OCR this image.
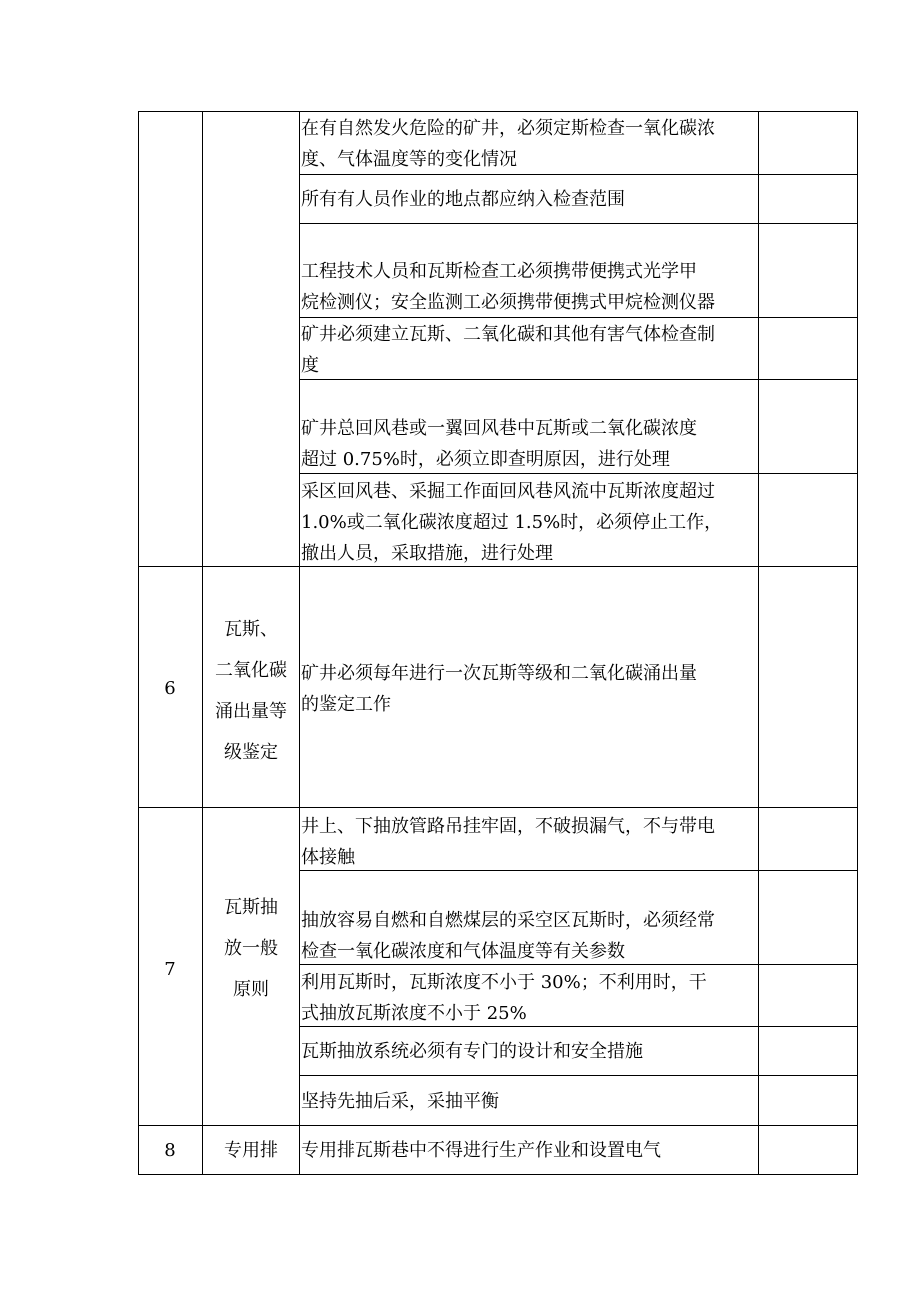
在有自然发火危险的矿井，必须定斯检查一氧化碳浓
度、气体温度等的变化情况
所有有人员作业的地点都应纳入检查范围
工程技术人员和瓦斯检查工必须携带便携式光学甲
烷检测仪；安全监测工必须携带便携式甲烷检测仪器
矿井必须建立瓦斯、二氧化碳和其他有害气体检查制
度
矿井总回风巷或一翼回风巷中瓦斯或二氧化碳浓度
超过 0.75%时，必须立即查明原因，进行处理
采区回风巷、采掘工作面回风巷风流中瓦斯浓度超过
1.0%或二氧化碳浓度超过 1.5%时，必须停止工作，
撤出人员，采取措施，进行处理
矿井必须每年进行一次瓦斯等级和二氧化碳涌出量
的鉴定工作
井上、下抽放管路吊挂牢固，不破损漏气，不与带电
体接触
抽放容易自燃和自燃煤层的采空区瓦斯时，必须经常
检查一氧化碳浓度和气体温度等有关参数
利用瓦斯时，瓦斯浓度不小于 30%；不利用时，干
式抽放瓦斯浓度不小于 25%
瓦斯抽放系统必须有专门的设计和安全措施
坚持先抽后采，采抽平衡
专用排瓦斯巷中不得进行生产作业和设置电气
6
7
8
瓦斯、
二氧化碳
涌出量等
级鉴定
瓦斯抽
放一般
原则
专用排
